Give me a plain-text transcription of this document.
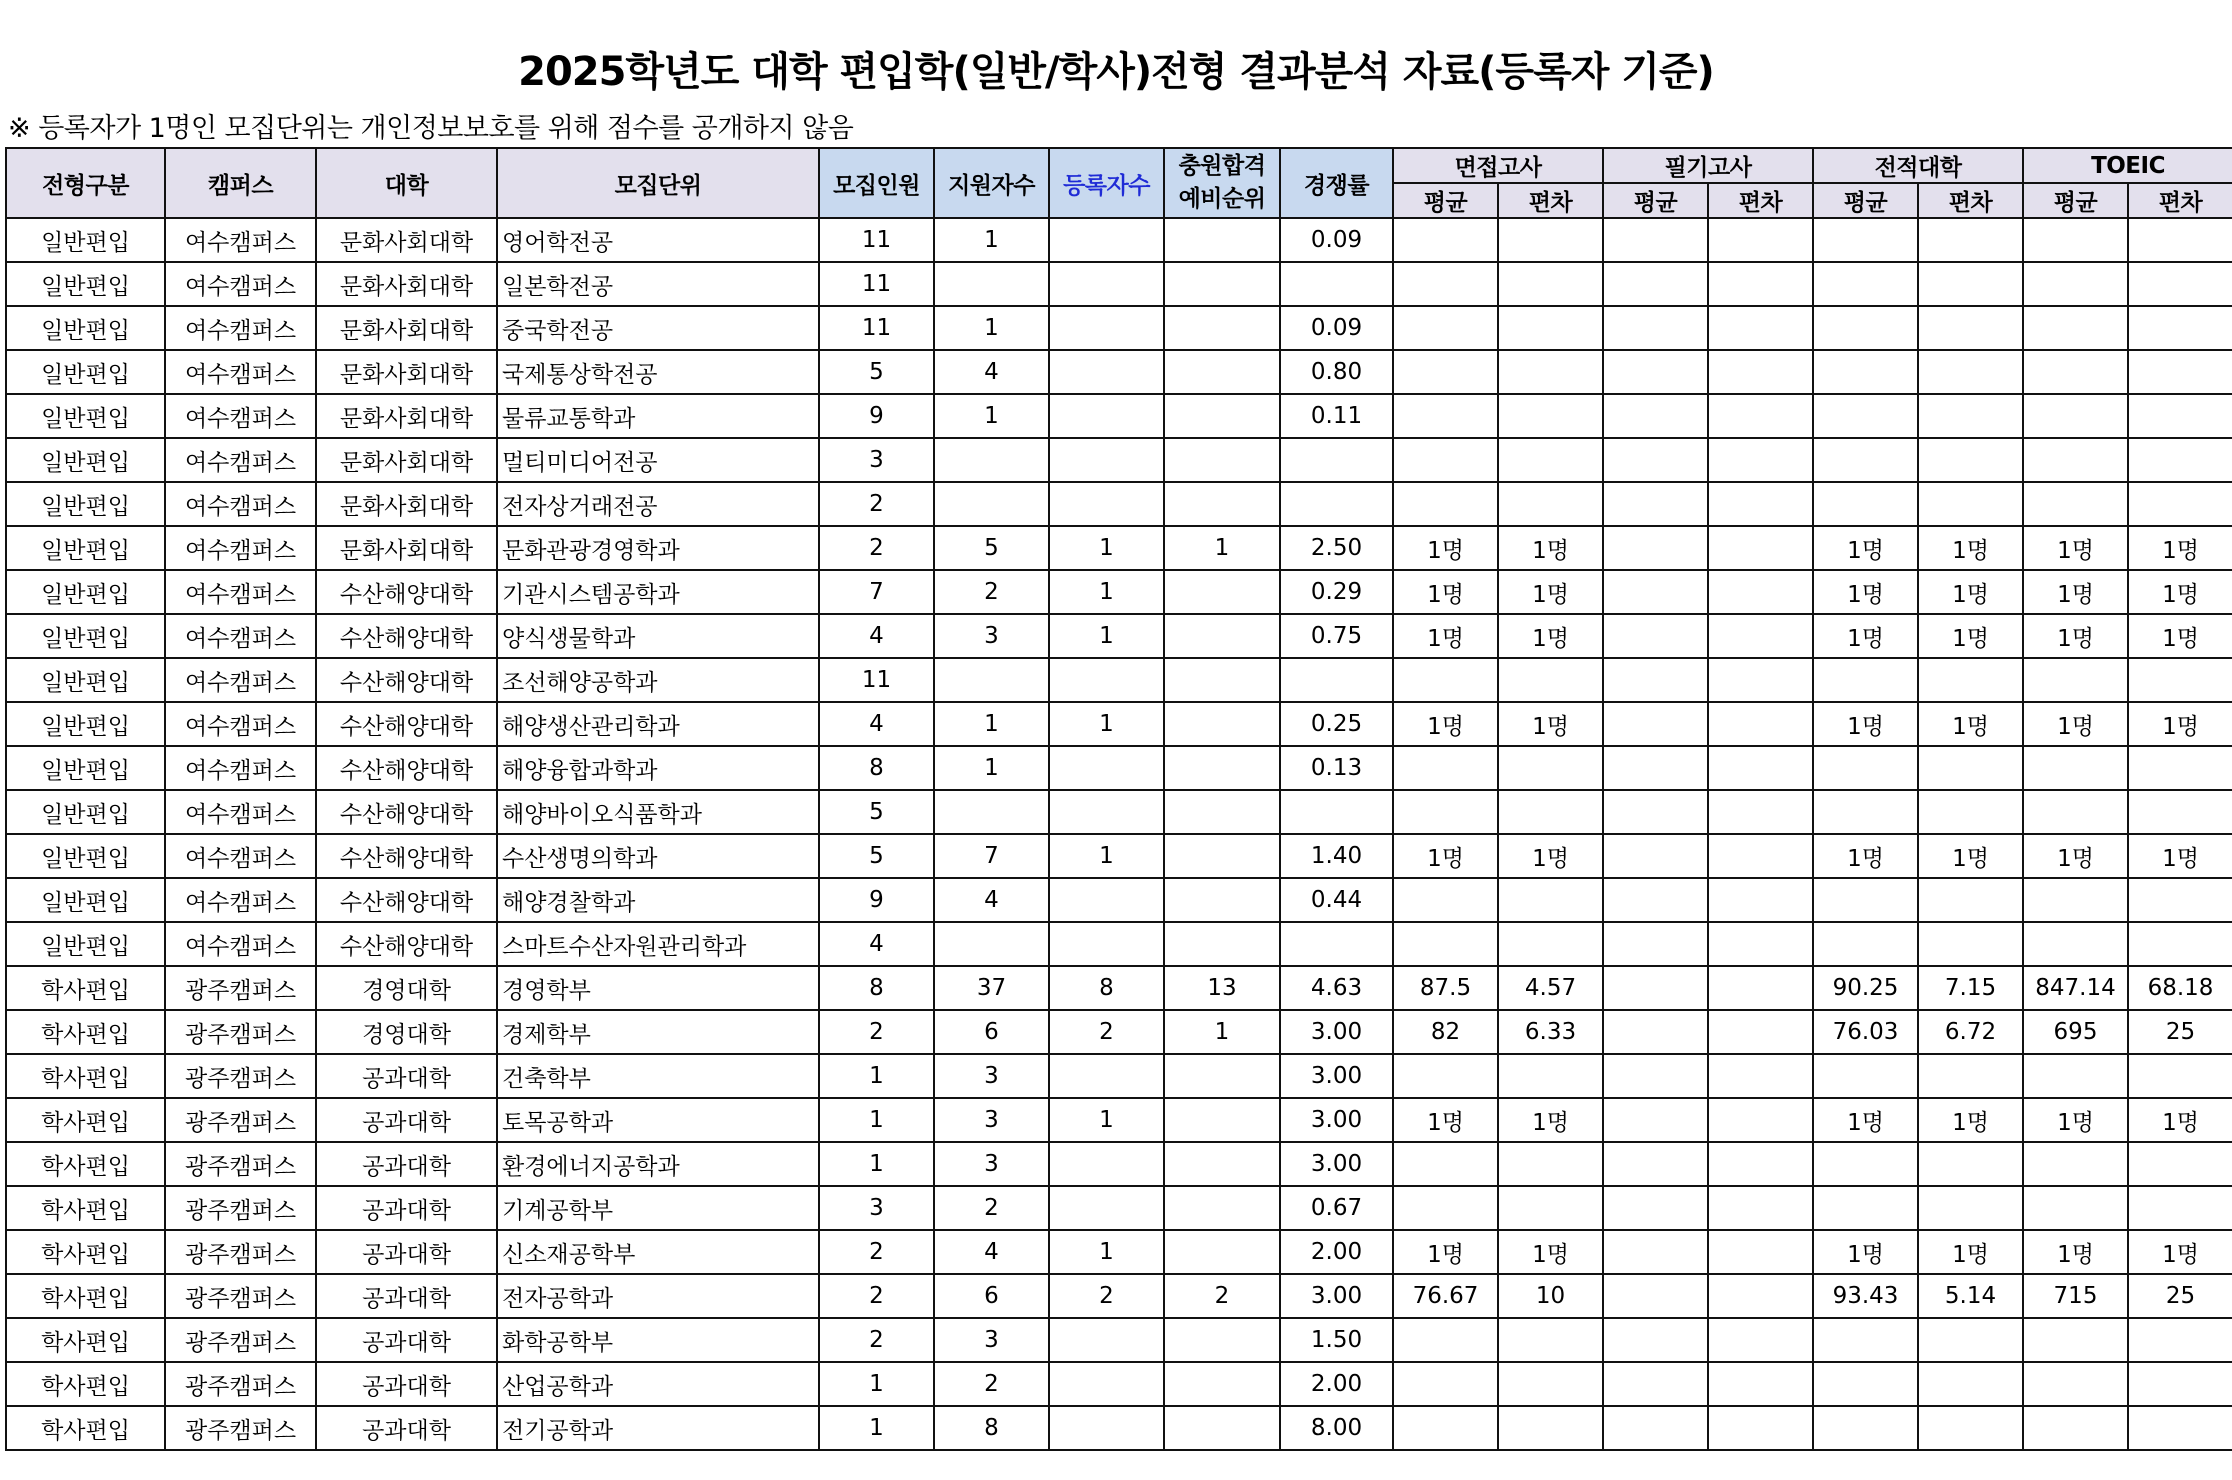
2025학년도 대학 편입학(일반/학사)전형 결과분석 자료(등록자 기준)
※ 등록자가 1명인 모집단위는 개인정보보호를 위해 점수를 공개하지 않음
전형구분	캠퍼스	대학	모집단위	모집인원	지원자수	등록자수	충원합격
예비순위	경쟁률	면접고사		필기고사		전적대학		TOEIC	
									평균	편차	평균	편차	평균	편차	평균	편차
일반편입	여수캠퍼스	문화사회대학	영어학전공	11	1			0.09								
일반편입	여수캠퍼스	문화사회대학	일본학전공	11												
일반편입	여수캠퍼스	문화사회대학	중국학전공	11	1			0.09								
일반편입	여수캠퍼스	문화사회대학	국제통상학전공	5	4			0.80								
일반편입	여수캠퍼스	문화사회대학	물류교통학과	9	1			0.11								
일반편입	여수캠퍼스	문화사회대학	멀티미디어전공	3												
일반편입	여수캠퍼스	문화사회대학	전자상거래전공	2												
일반편입	여수캠퍼스	문화사회대학	문화관광경영학과	2	5	1	1	2.50	1명	1명			1명	1명	1명	1명
일반편입	여수캠퍼스	수산해양대학	기관시스템공학과	7	2	1		0.29	1명	1명			1명	1명	1명	1명
일반편입	여수캠퍼스	수산해양대학	양식생물학과	4	3	1		0.75	1명	1명			1명	1명	1명	1명
일반편입	여수캠퍼스	수산해양대학	조선해양공학과	11												
일반편입	여수캠퍼스	수산해양대학	해양생산관리학과	4	1	1		0.25	1명	1명			1명	1명	1명	1명
일반편입	여수캠퍼스	수산해양대학	해양융합과학과	8	1			0.13								
일반편입	여수캠퍼스	수산해양대학	해양바이오식품학과	5												
일반편입	여수캠퍼스	수산해양대학	수산생명의학과	5	7	1		1.40	1명	1명			1명	1명	1명	1명
일반편입	여수캠퍼스	수산해양대학	해양경찰학과	9	4			0.44								
일반편입	여수캠퍼스	수산해양대학	스마트수산자원관리학과	4												
학사편입	광주캠퍼스	경영대학	경영학부	8	37	8	13	4.63	87.5	4.57			90.25	7.15	847.14	68.18
학사편입	광주캠퍼스	경영대학	경제학부	2	6	2	1	3.00	82	6.33			76.03	6.72	695	25
학사편입	광주캠퍼스	공과대학	건축학부	1	3			3.00								
학사편입	광주캠퍼스	공과대학	토목공학과	1	3	1		3.00	1명	1명			1명	1명	1명	1명
학사편입	광주캠퍼스	공과대학	환경에너지공학과	1	3			3.00								
학사편입	광주캠퍼스	공과대학	기계공학부	3	2			0.67								
학사편입	광주캠퍼스	공과대학	신소재공학부	2	4	1		2.00	1명	1명			1명	1명	1명	1명
학사편입	광주캠퍼스	공과대학	전자공학과	2	6	2	2	3.00	76.67	10			93.43	5.14	715	25
학사편입	광주캠퍼스	공과대학	화학공학부	2	3			1.50								
학사편입	광주캠퍼스	공과대학	산업공학과	1	2			2.00								
학사편입	광주캠퍼스	공과대학	전기공학과	1	8			8.00								
